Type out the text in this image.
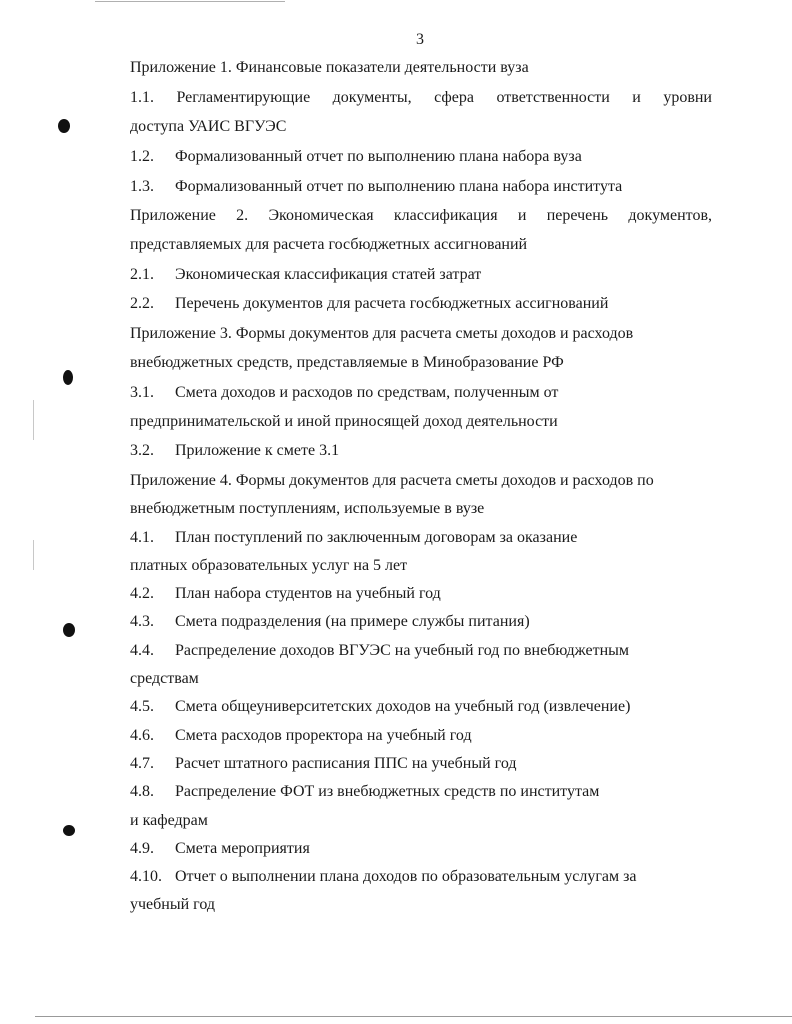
3
Приложение 1. Финансовые показатели деятельности вуза
1.1. Регламентирующие документы, сфера ответственности и уровни
доступа УАИС ВГУЭС
1.2. Формализованный отчет по выполнению плана набора вуза
1.3. Формализованный отчет по выполнению плана набора института
Приложение 2. Экономическая классификация и перечень документов,
представляемых для расчета госбюджетных ассигнований
2.1. Экономическая классификация статей затрат
2.2. Перечень документов для расчета госбюджетных ассигнований
Приложение 3. Формы документов для расчета сметы доходов и расходов
внебюджетных средств, представляемые в Минобразование РФ
3.1. Смета доходов и расходов по средствам, полученным от
предпринимательской и иной приносящей доход деятельности
3.2. Приложение к смете 3.1
Приложение 4. Формы документов для расчета сметы доходов и расходов по
внебюджетным поступлениям, используемые в вузе
4.1. План поступлений по заключенным договорам за оказание
платных образовательных услуг на 5 лет
4.2. План набора студентов на учебный год
4.3. Смета подразделения (на примере службы питания)
4.4. Распределение доходов ВГУЭС на учебный год по внебюджетным
средствам
4.5. Смета общеуниверситетских доходов на учебный год (извлечение)
4.6. Смета расходов проректора на учебный год
4.7. Расчет штатного расписания ППС на учебный год
4.8. Распределение ФОТ из внебюджетных средств по институтам
и кафедрам
4.9. Смета мероприятия
4.10. Отчет о выполнении плана доходов по образовательным услугам за
учебный год
